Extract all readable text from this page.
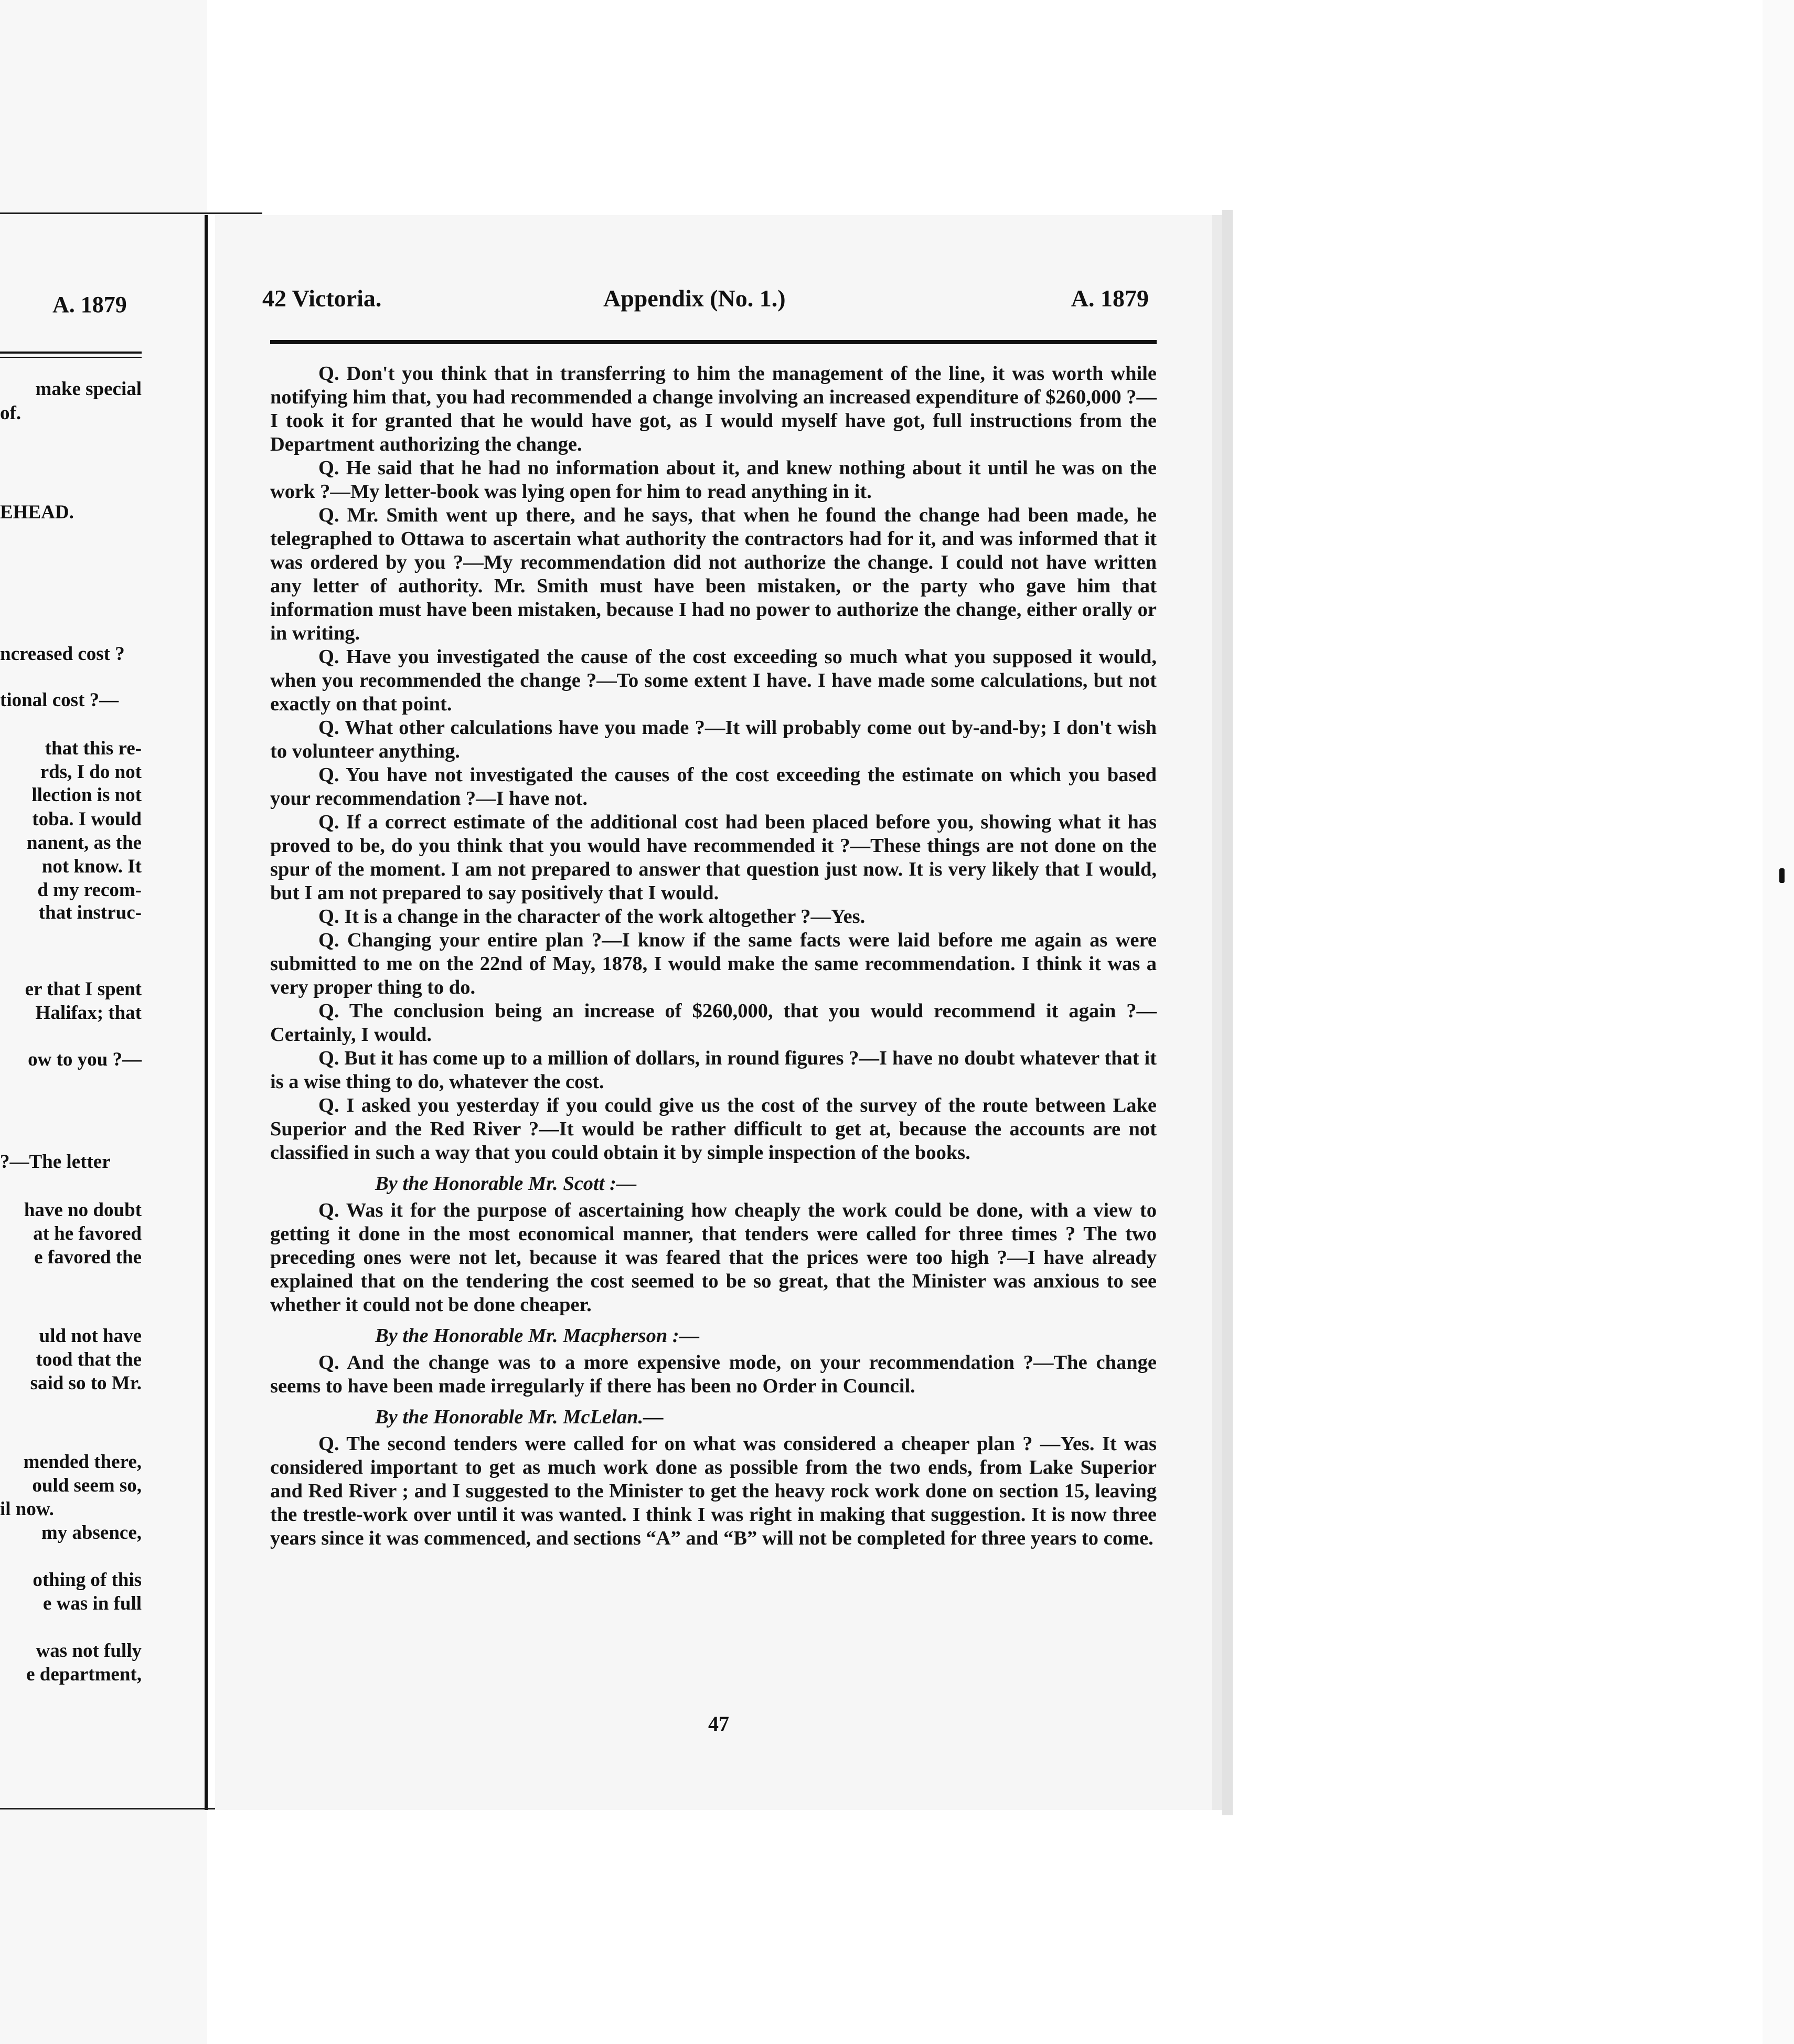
A. 1879
make special
of.
EHEAD.
ncreased cost ?
tional cost ?—
that this re-
rds, I do not
llection is not
toba. I would
nanent, as the
not know. It
d my recom-
that instruc-
er that I spent
Halifax; that
ow to you ?—
?—The letter
have no doubt
at he favored
e favored the
uld not have
tood that the
said so to Mr.
mended there,
ould seem so,
il now.
my absence,
othing of this
e was in full
was not fully
e department,
42 Victoria.	Appendix (No. 1.)	A. 1879

Q. Don't you think that in transferring to him the management of the line, it was worth while notifying him that, you had recommended a change involving an increased expenditure of $260,000 ?—I took it for granted that he would have got, as I would myself have got, full instructions from the Department authorizing the change.

Q. He said that he had no information about it, and knew nothing about it until he was on the work ?—My letter-book was lying open for him to read anything in it.

Q. Mr. Smith went up there, and he says, that when he found the change had been made, he telegraphed to Ottawa to ascertain what authority the contractors had for it, and was informed that it was ordered by you ?—My recommendation did not authorize the change. I could not have written any letter of authority. Mr. Smith must have been mistaken, or the party who gave him that information must have been mistaken, because I had no power to authorize the change, either orally or in writing.

Q. Have you investigated the cause of the cost exceeding so much what you supposed it would, when you recommended the change ?—To some extent I have. I have made some calculations, but not exactly on that point.

Q. What other calculations have you made ?—It will probably come out by-and-by; I don't wish to volunteer anything.

Q. You have not investigated the causes of the cost exceeding the estimate on which you based your recommendation ?—I have not.

Q. If a correct estimate of the additional cost had been placed before you, showing what it has proved to be, do you think that you would have recommended it ?—These things are not done on the spur of the moment. I am not prepared to answer that question just now. It is very likely that I would, but I am not prepared to say positively that I would.

Q. It is a change in the character of the work altogether ?—Yes.

Q. Changing your entire plan ?—I know if the same facts were laid before me again as were submitted to me on the 22nd of May, 1878, I would make the same recommendation. I think it was a very proper thing to do.

Q. The conclusion being an increase of $260,000, that you would recommend it again ?—Certainly, I would.

Q. But it has come up to a million of dollars, in round figures ?—I have no doubt whatever that it is a wise thing to do, whatever the cost.

Q. I asked you yesterday if you could give us the cost of the survey of the route between Lake Superior and the Red River ?—It would be rather difficult to get at, because the accounts are not classified in such a way that you could obtain it by simple inspection of the books.

By the Honorable Mr. Scott :—

Q. Was it for the purpose of ascertaining how cheaply the work could be done, with a view to getting it done in the most economical manner, that tenders were called for three times ? The two preceding ones were not let, because it was feared that the prices were too high ?—I have already explained that on the tendering the cost seemed to be so great, that the Minister was anxious to see whether it could not be done cheaper.

By the Honorable Mr. Macpherson :—

Q. And the change was to a more expensive mode, on your recommendation ?—The change seems to have been made irregularly if there has been no Order in Council.

By the Honorable Mr. McLelan.—

Q. The second tenders were called for on what was considered a cheaper plan ? —Yes. It was considered important to get as much work done as possible from the two ends, from Lake Superior and Red River ; and I suggested to the Minister to get the heavy rock work done on section 15, leaving the trestle-work over until it was wanted. I think I was right in making that suggestion. It is now three years since it was commenced, and sections “A” and “B” will not be completed for three years to come.

47
